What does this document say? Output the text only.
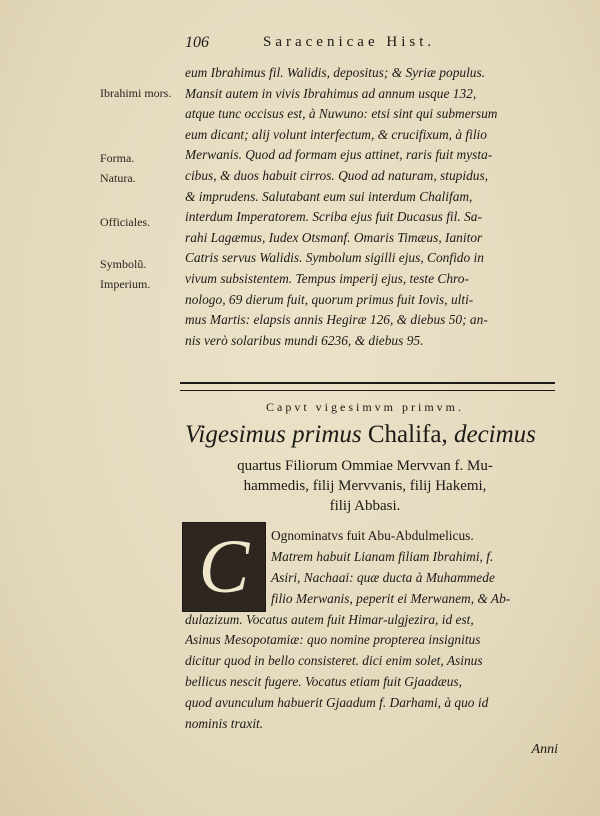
106	Saracenicae Hist.
Ibrahimi mors.
Forma.
Natura.
Officiales.
Symbolũ.
Imperium.
eum Ibrahimus fil. Walidis, depositus; & Syriæ populus.
Mansit autem in vivis Ibrahimus ad annum usque 132,
atque tunc occisus est, à Nuwuno: etsi sint qui submersum
eum dicant; alij volunt interfectum, & crucifixum, à filio
Merwanis. Quod ad formam ejus attinet, raris fuit mysta-
cibus, & duos habuit cirros. Quod ad naturam, stupidus,
& imprudens. Salutabant eum sui interdum Chalifam,
interdum Imperatorem. Scriba ejus fuit Ducasus fil. Sa-
rahi Lagæmus, Iudex Otsmanf. Omaris Timæus, Ianitor
Catris servus Walidis. Symbolum sigilli ejus, Confido in
vivum subsistentem. Tempus imperij ejus, teste Chro-
nologo, 69 dierum fuit, quorum primus fuit Iovis, ulti-
mus Martis: elapsis annis Hegiræ 126, & diebus 50; an-
nis verò solaribus mundi 6236, & diebus 95.
Capvt vigesimvm primvm.
Vigesimus primus Chalifa, decimus
quartus Filiorum Ommiae Mervvan f. Mu-
hammedis, filij Mervvanis, filij Hakemi,
filij Abbasi.
C	Ognominatvs fuit Abu-Abdulmelicus.
Matrem habuit Lianam filiam Ibrahimi, f.
Asiri, Nachaai: quæ ducta à Muhammede
filio Merwanis, peperit ei Merwanem, & Ab-
dulazizum. Vocatus autem fuit Himar-ulgjezira, id est,
Asinus Mesopotamiæ: quo nomine propterea insignitus
dicitur quod in bello consisteret. dici enim solet, Asinus
bellicus nescit fugere. Vocatus etiam fuit Gjaadæus,
quod avunculum habuerit Gjaadum f. Darhami, à quo id
nominis traxit.
Anni
